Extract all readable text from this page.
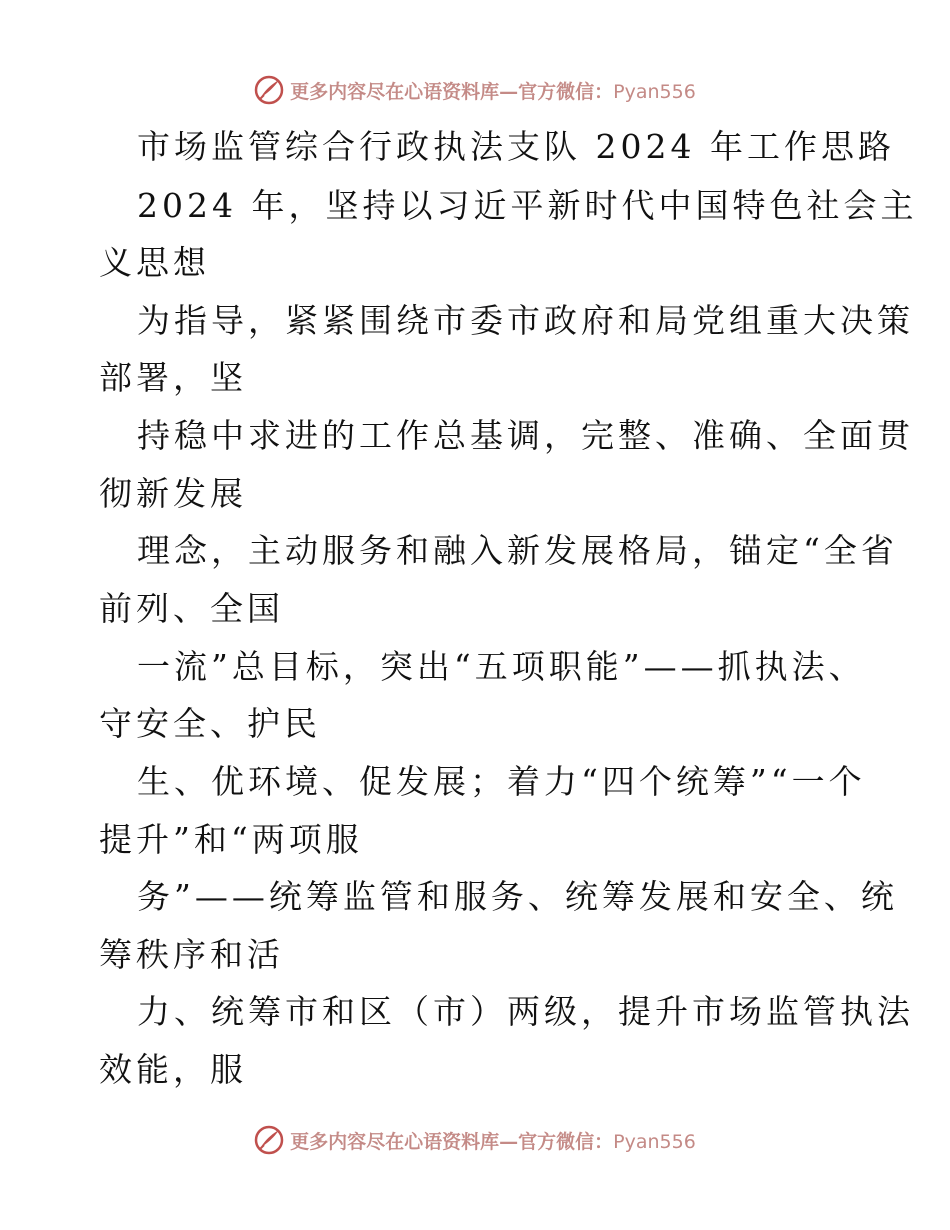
更多内容尽在心语资料库—官方微信：Pyan556
市场监管综合行政执法支队 2024 年工作思路
2024 年，坚持以习近平新时代中国特色社会主
义思想
为指导，紧紧围绕市委市政府和局党组重大决策
部署，坚
持稳中求进的工作总基调，完整、准确、全面贯
彻新发展
理念，主动服务和融入新发展格局，锚定“全省
前列、全国
一流”总目标，突出“五项职能”——抓执法、
守安全、护民
生、优环境、促发展；着力“四个统筹”“一个
提升”和“两项服
务”——统筹监管和服务、统筹发展和安全、统
筹秩序和活
力、统筹市和区（市）两级，提升市场监管执法
效能，服
更多内容尽在心语资料库—官方微信：Pyan556
